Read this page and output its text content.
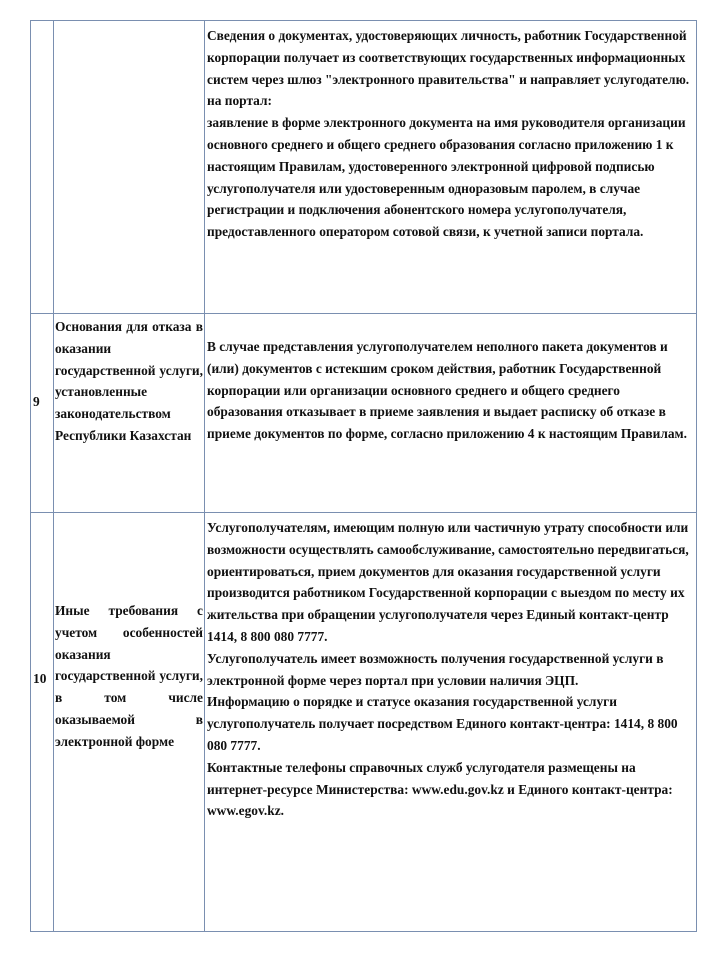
		Сведения о документах, удостоверяющих личность, работник Государственной корпорации получает из соответствующих государственных информационных систем через шлюз "электронного правительства" и направляет услугодателю.
на портал:
заявление в форме электронного документа на имя руководителя организации основного среднего и общего среднего образования согласно приложению 1 к настоящим Правилам, удостоверенного электронной цифровой подписью услугополучателя или удостоверенным одноразовым паролем, в случае регистрации и подключения абонентского номера услугополучателя, предоставленного оператором сотовой связи, к учетной записи портала.

9	Основания для отказа в оказании государственной услуги, установленные законодательством Республики Казахстан	В случае представления услугополучателем неполного пакета документов и (или) документов с истекшим сроком действия, работник Государственной корпорации или организации основного среднего и общего среднего образования отказывает в приеме заявления и выдает расписку об отказе в приеме документов по форме, согласно приложению 4 к настоящим Правилам.

10	Иные требования с учетом особенностей оказания государственной услуги, в том числе оказываемой в электронной форме	Услугополучателям, имеющим полную или частичную утрату способности или возможности осуществлять самообслуживание, самостоятельно передвигаться, ориентироваться, прием документов для оказания государственной услуги производится работником Государственной корпорации с выездом по месту их жительства при обращении услугополучателя через Единый контакт-центр 1414, 8 800 080 7777.
Услугополучатель имеет возможность получения государственной услуги в электронной форме через портал при условии наличия ЭЦП.
Информацию о порядке и статусе оказания государственной услуги услугополучатель получает посредством Единого контакт-центра: 1414, 8 800 080 7777.
Контактные телефоны справочных служб услугодателя размещены на интернет-ресурсе Министерства: www.edu.gov.kz и Единого контакт-центра: www.egov.kz.
